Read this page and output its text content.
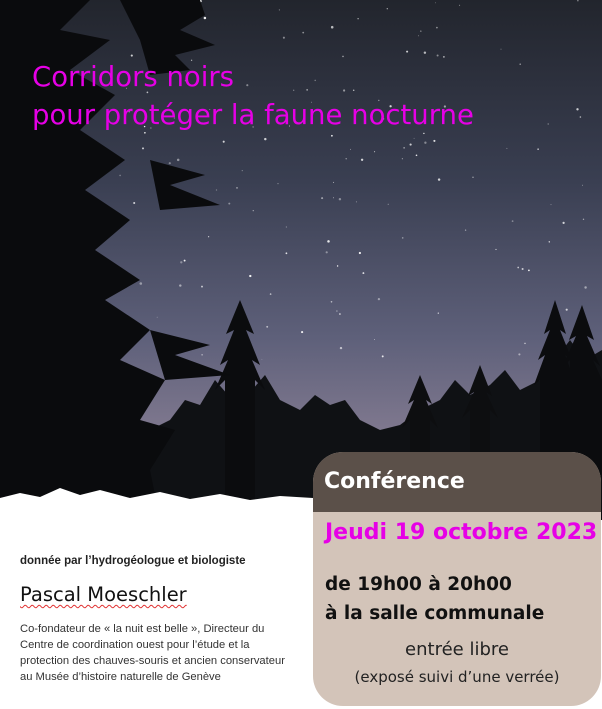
Corridors noirs
pour protéger la faune nocturne
Conférence
Jeudi 19 octobre 2023
de 19h00 à 20h00
à la salle communale
entrée libre
(exposé suivi d’une verrée)
donnée par l’hydrogéologue et biologiste
Pascal Moeschler
Co-fondateur de « la nuit est belle », Directeur du Centre de coordination ouest pour l’étude et la protection des chauves-souris et ancien conservateur au Musée d’histoire naturelle de Genève
